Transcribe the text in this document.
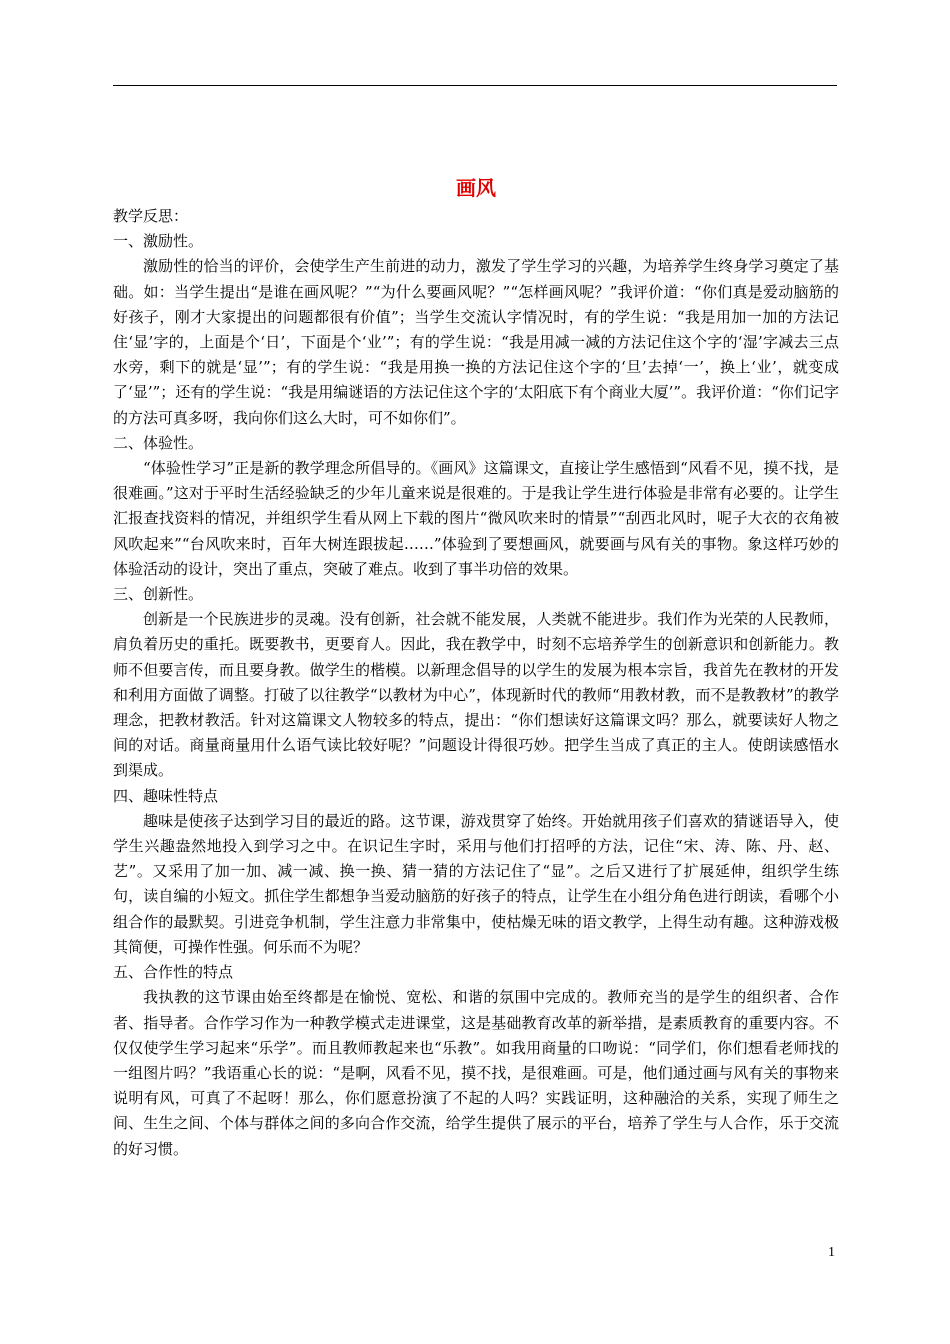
画风

教学反思：

一、激励性。

激励性的恰当的评价，会使学生产生前进的动力，激发了学生学习的兴趣，为培养学生终身学习奠定了基础。如：当学生提出“是谁在画风呢？”“为什么要画风呢？”“怎样画风呢？”我评价道：“你们真是爱动脑筋的好孩子，刚才大家提出的问题都很有价值”；当学生交流认字情况时，有的学生说：“我是用加一加的方法记住‘显’字的，上面是个‘日’，下面是个‘业’”；有的学生说：“我是用减一减的方法记住这个字的‘湿’字减去三点水旁，剩下的就是‘显’”；有的学生说：“我是用换一换的方法记住这个字的‘旦’去掉‘一’，换上‘业’，就变成了‘显’”；还有的学生说：“我是用编谜语的方法记住这个字的‘太阳底下有个商业大厦’”。我评价道：“你们记字的方法可真多呀，我向你们这么大时，可不如你们”。

二、体验性。

“体验性学习”正是新的教学理念所倡导的。《画风》这篇课文，直接让学生感悟到“风看不见，摸不找，是很难画。”这对于平时生活经验缺乏的少年儿童来说是很难的。于是我让学生进行体验是非常有必要的。让学生汇报查找资料的情况，并组织学生看从网上下载的图片“微风吹来时的情景”“刮西北风时，呢子大衣的衣角被风吹起来”“台风吹来时，百年大树连跟拔起……”体验到了要想画风，就要画与风有关的事物。象这样巧妙的体验活动的设计，突出了重点，突破了难点。收到了事半功倍的效果。

三、创新性。

创新是一个民族进步的灵魂。没有创新，社会就不能发展，人类就不能进步。我们作为光荣的人民教师，肩负着历史的重托。既要教书，更要育人。因此，我在教学中，时刻不忘培养学生的创新意识和创新能力。教师不但要言传，而且要身教。做学生的楷模。以新理念倡导的以学生的发展为根本宗旨，我首先在教材的开发和利用方面做了调整。打破了以往教学“以教材为中心”，体现新时代的教师“用教材教，而不是教教材”的教学理念，把教材教活。针对这篇课文人物较多的特点，提出：“你们想读好这篇课文吗？那么，就要读好人物之间的对话。商量商量用什么语气读比较好呢？”问题设计得很巧妙。把学生当成了真正的主人。使朗读感悟水到渠成。

四、趣味性特点

趣味是使孩子达到学习目的最近的路。这节课，游戏贯穿了始终。开始就用孩子们喜欢的猜谜语导入，使学生兴趣盎然地投入到学习之中。在识记生字时，采用与他们打招呼的方法，记住“宋、涛、陈、丹、赵、艺”。又采用了加一加、减一减、换一换、猜一猜的方法记住了“显”。之后又进行了扩展延伸，组织学生练句，读自编的小短文。抓住学生都想争当爱动脑筋的好孩子的特点，让学生在小组分角色进行朗读，看哪个小组合作的最默契。引进竞争机制，学生注意力非常集中，使枯燥无味的语文教学，上得生动有趣。这种游戏极其简便，可操作性强。何乐而不为呢？

五、合作性的特点

我执教的这节课由始至终都是在愉悦、宽松、和谐的氛围中完成的。教师充当的是学生的组织者、合作者、指导者。合作学习作为一种教学模式走进课堂，这是基础教育改革的新举措，是素质教育的重要内容。不仅仅使学生学习起来“乐学”。而且教师教起来也“乐教”。如我用商量的口吻说：“同学们，你们想看老师找的一组图片吗？”我语重心长的说：“是啊，风看不见，摸不找，是很难画。可是，他们通过画与风有关的事物来说明有风，可真了不起呀！那么，你们愿意扮演了不起的人吗？实践证明，这种融洽的关系，实现了师生之间、生生之间、个体与群体之间的多向合作交流，给学生提供了展示的平台，培养了学生与人合作，乐于交流的好习惯。

1
